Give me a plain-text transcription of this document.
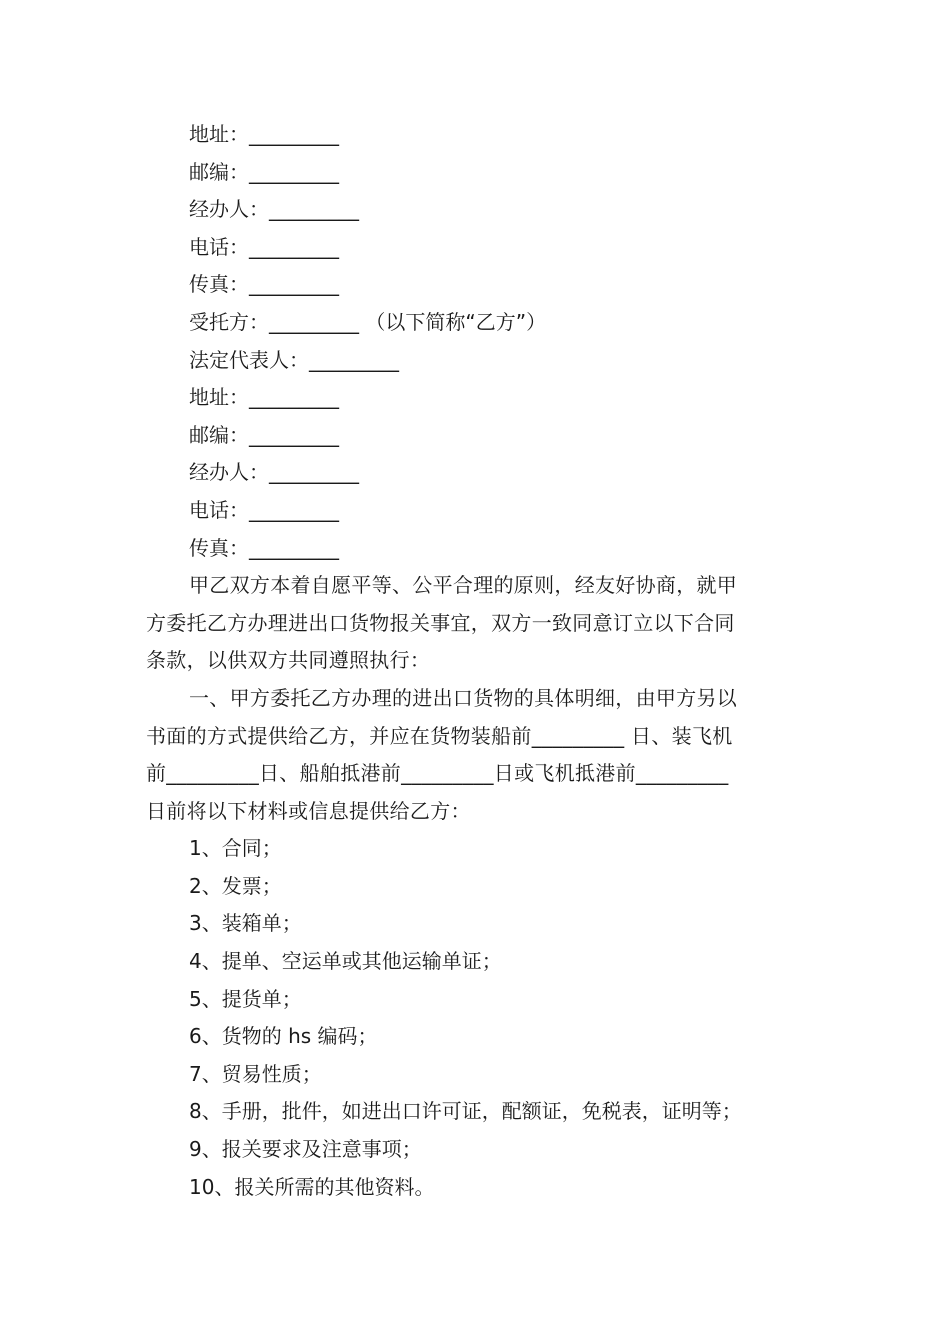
地址：_________
邮编：_________
经办人：_________
电话：_________
传真：_________
受托方：_________ （以下简称“乙方”）
法定代表人：_________
地址：_________
邮编：_________
经办人：_________
电话：_________
传真：_________

甲乙双方本着自愿平等、公平合理的原则，经友好协商，就甲
方委托乙方办理进出口货物报关事宜，双方一致同意订立以下合同
条款，以供双方共同遵照执行：

一、甲方委托乙方办理的进出口货物的具体明细，由甲方另以
书面的方式提供给乙方，并应在货物装船前_________ 日、装飞机
前_________日、船舶抵港前_________日或飞机抵港前_________
日前将以下材料或信息提供给乙方：

1、合同；
2、发票；
3、装箱单；
4、提单、空运单或其他运输单证；
5、提货单；
6、货物的 hs 编码；
7、贸易性质；
8、手册，批件，如进出口许可证，配额证，免税表，证明等；
9、报关要求及注意事项；
10、报关所需的其他资料。
